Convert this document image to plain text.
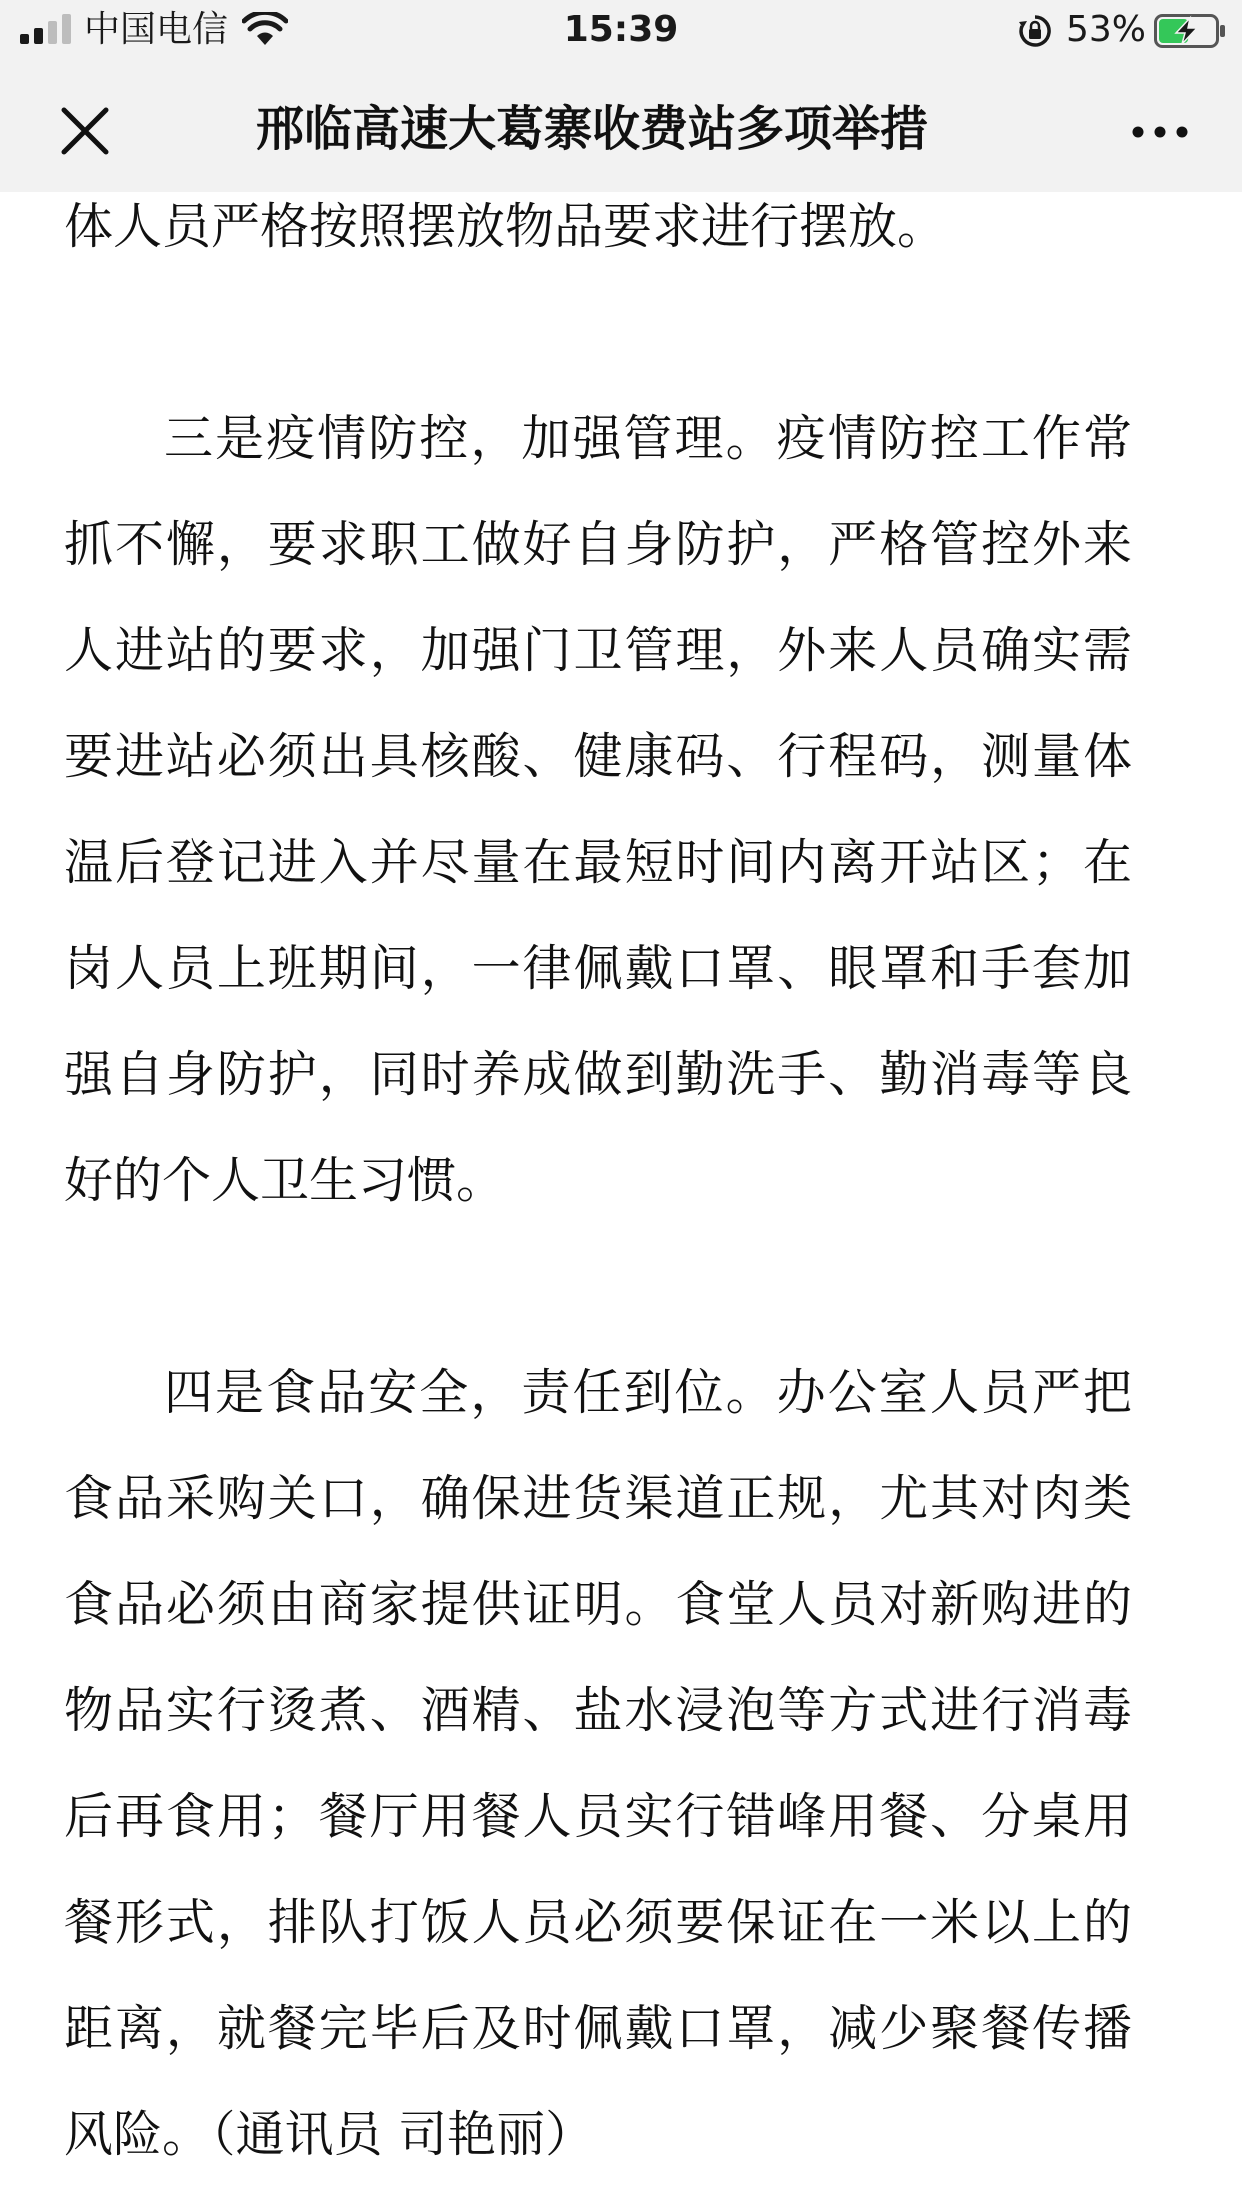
中国电信	15:39	53%
邢临高速大葛寨收费站多项举措

体人员严格按照摆放物品要求进行摆放。

三是疫情防控，加强管理。疫情防控工作常抓不懈，要求职工做好自身防护，严格管控外来人进站的要求，加强门卫管理，外来人员确实需要进站必须出具核酸、健康码、行程码，测量体温后登记进入并尽量在最短时间内离开站区；在岗人员上班期间，一律佩戴口罩、眼罩和手套加强自身防护，同时养成做到勤洗手、勤消毒等良好的个人卫生习惯。

四是食品安全，责任到位。办公室人员严把食品采购关口，确保进货渠道正规，尤其对肉类食品必须由商家提供证明。食堂人员对新购进的物品实行烫煮、酒精、盐水浸泡等方式进行消毒后再食用；餐厅用餐人员实行错峰用餐、分桌用餐形式，排队打饭人员必须要保证在一米以上的距离，就餐完毕后及时佩戴口罩，减少聚餐传播风险。（通讯员 司艳丽）
